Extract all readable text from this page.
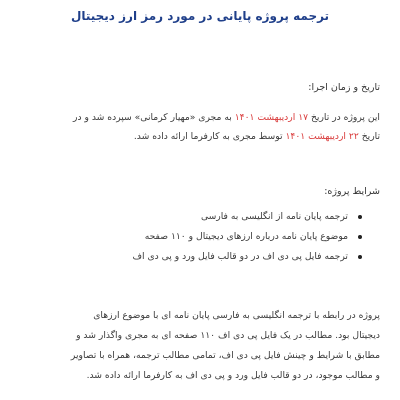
ترجمه پروژه پایانی در مورد رمز ارز دیجیتال
تاریخ و زمان اجرا:
این پروژه در تاریخ ۱۷ اردیبهشت ۱۴۰۱ به مجری «مهیار کرمانی» سپرده شد و در
تاریخ ۲۲ اردیبهشت ۱۴۰۱ توسط مجری به کارفرما ارائه داده شد.
شرایط پروژه:
ترجمه پایان نامه از انگلیسی به فارسی
موضوع پایان نامه درباره ارزهای دیجیتال و ۱۱۰ صفحه
ترجمه فایل پی دی اف در دو قالب فایل ورد و پی دی اف
پروژه در رابطه با ترجمه انگلیسی به فارسی پایان نامه ای با موضوع ارزهای
دیجیتال بود. مطالب در یک فایل پی دی اف ۱۱۰ صفحه ای به مجری واگذار شد و
مطابق با شرایط و چینش فایل پی دی اف، تمامی مطالب ترجمه، همراه با تصاویر
و مطالب موجود، در دو قالب فایل ورد و پی دی اف به کارفرما ارائه داده شد.
